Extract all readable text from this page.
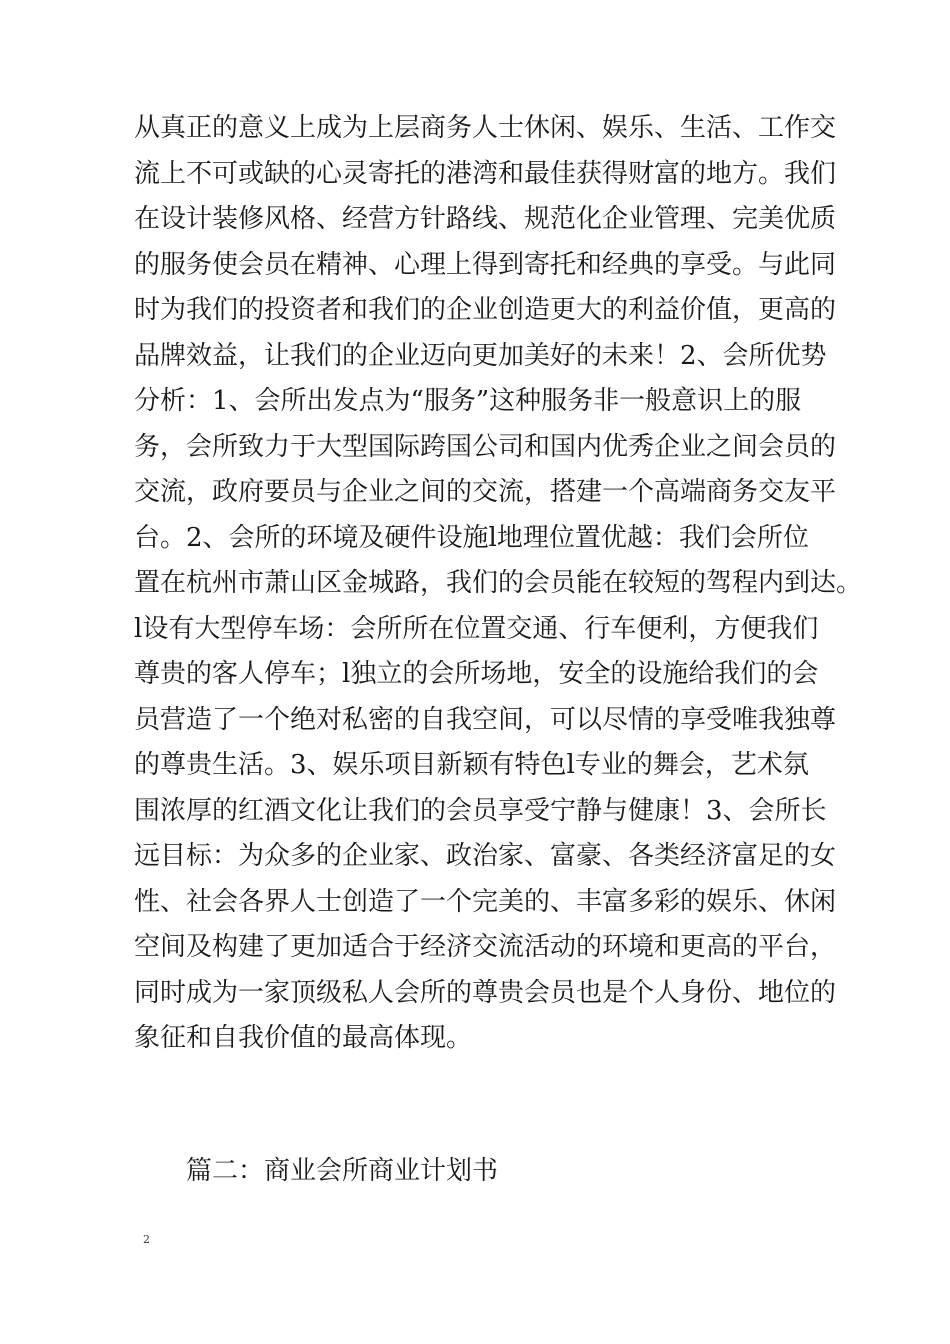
从真正的意义上成为上层商务人士休闲、娱乐、生活、工作交
流上不可或缺的心灵寄托的港湾和最佳获得财富的地方。我们
在设计装修风格、经营方针路线、规范化企业管理、完美优质
的服务使会员在精神、心理上得到寄托和经典的享受。与此同
时为我们的投资者和我们的企业创造更大的利益价值，更高的
品牌效益，让我们的企业迈向更加美好的未来！2、会所优势
分析：1、会所出发点为“服务”这种服务非一般意识上的服
务，会所致力于大型国际跨国公司和国内优秀企业之间会员的
交流，政府要员与企业之间的交流，搭建一个高端商务交友平
台。2、会所的环境及硬件设施l地理位置优越：我们会所位
置在杭州市萧山区金城路，我们的会员能在较短的驾程内到达。
l设有大型停车场：会所所在位置交通、行车便利，方便我们
尊贵的客人停车；l独立的会所场地，安全的设施给我们的会
员营造了一个绝对私密的自我空间，可以尽情的享受唯我独尊
的尊贵生活。3、娱乐项目新颖有特色l专业的舞会，艺术氛
围浓厚的红酒文化让我们的会员享受宁静与健康！3、会所长
远目标：为众多的企业家、政治家、富豪、各类经济富足的女
性、社会各界人士创造了一个完美的、丰富多彩的娱乐、休闲
空间及构建了更加适合于经济交流活动的环境和更高的平台，
同时成为一家顶级私人会所的尊贵会员也是个人身份、地位的
象征和自我价值的最高体现。

篇二：商业会所商业计划书
2
